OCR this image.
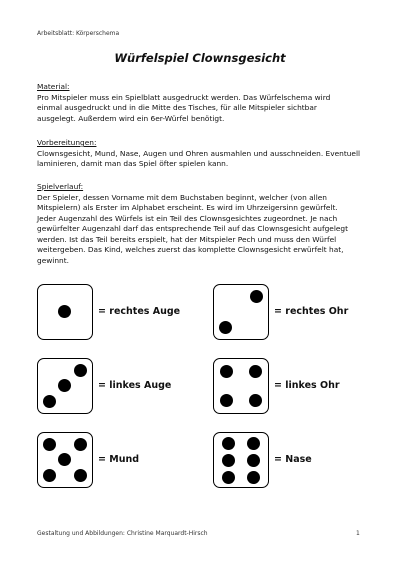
Arbeitsblatt: Körperschema
Würfelspiel Clownsgesicht
Material:
Pro Mitspieler muss ein Spielblatt ausgedruckt werden. Das Würfelschema wird
einmal ausgedruckt und in die Mitte des Tisches, für alle Mitspieler sichtbar
ausgelegt. Außerdem wird ein 6er-Würfel benötigt.
Vorbereitungen:
Clownsgesicht, Mund, Nase, Augen und Ohren ausmahlen und ausschneiden. Eventuell
laminieren, damit man das Spiel öfter spielen kann.
Spielverlauf:
Der Spieler, dessen Vorname mit dem Buchstaben beginnt, welcher (von allen
Mitspielern) als Erster im Alphabet erscheint. Es wird im Uhrzeigersinn gewürfelt.
Jeder Augenzahl des Würfels ist ein Teil des Clownsgesichtes zugeordnet. Je nach
gewürfelter Augenzahl darf das entsprechende Teil auf das Clownsgesicht aufgelegt
werden. Ist das Teil bereits erspielt, hat der Mitspieler Pech und muss den Würfel
weitergeben. Das Kind, welches zuerst das komplette Clownsgesicht erwürfelt hat,
gewinnt.
= rechtes Auge	= rechtes Ohr
= linkes Auge	= linkes Ohr
= Mund	= Nase
Gestaltung und Abbildungen: Christine Marquardt-Hirsch	1
